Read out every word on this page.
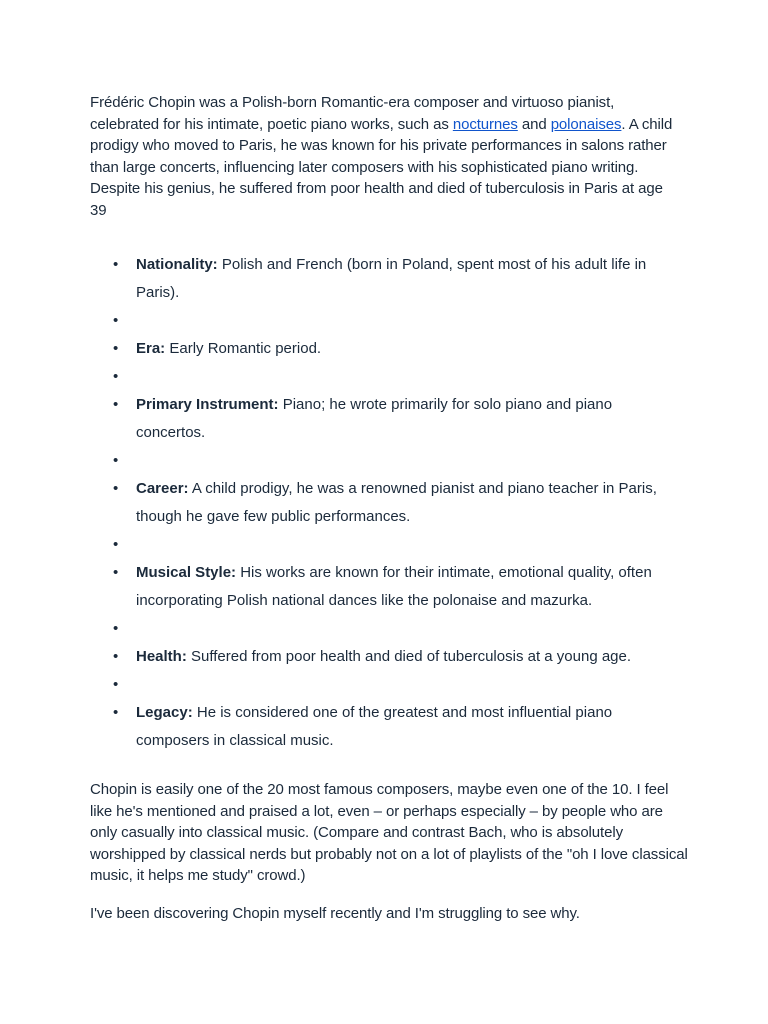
Frédéric Chopin was a Polish-born Romantic-era composer and virtuoso pianist, celebrated for his intimate, poetic piano works, such as nocturnes and polonaises. A child prodigy who moved to Paris, he was known for his private performances in salons rather than large concerts, influencing later composers with his sophisticated piano writing. Despite his genius, he suffered from poor health and died of tuberculosis in Paris at age 39

• Nationality: Polish and French (born in Poland, spent most of his adult life in Paris).
•
• Era: Early Romantic period.
•
• Primary Instrument: Piano; he wrote primarily for solo piano and piano concertos.
•
• Career: A child prodigy, he was a renowned pianist and piano teacher in Paris, though he gave few public performances.
•
• Musical Style: His works are known for their intimate, emotional quality, often incorporating Polish national dances like the polonaise and mazurka.
•
• Health: Suffered from poor health and died of tuberculosis at a young age.
•
• Legacy: He is considered one of the greatest and most influential piano composers in classical music.

Chopin is easily one of the 20 most famous composers, maybe even one of the 10. I feel like he's mentioned and praised a lot, even – or perhaps especially – by people who are only casually into classical music. (Compare and contrast Bach, who is absolutely worshipped by classical nerds but probably not on a lot of playlists of the "oh I love classical music, it helps me study" crowd.)

I've been discovering Chopin myself recently and I'm struggling to see why.
